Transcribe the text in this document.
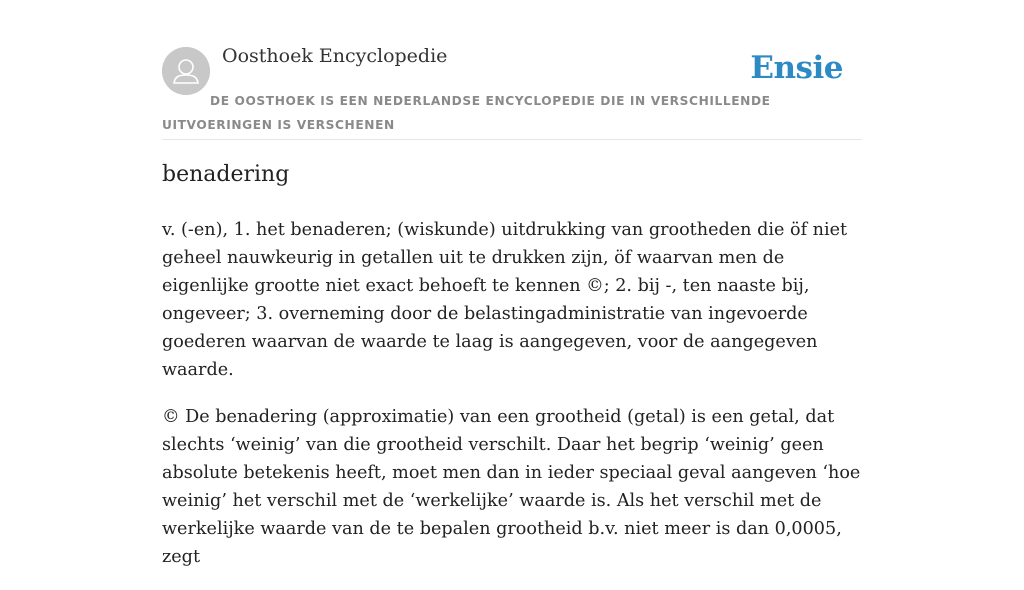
Oosthoek Encyclopedie	Ensie
DE OOSTHOEK IS EEN NEDERLANDSE ENCYCLOPEDIE DIE IN VERSCHILLENDE UITVOERINGEN IS VERSCHENEN
benadering

v. (-en), 1. het benaderen; (wiskunde) uitdrukking van grootheden die öf niet geheel nauwkeurig in getallen uit te drukken zijn, öf waarvan men de eigenlijke grootte niet exact behoeft te kennen ©; 2. bij -, ten naaste bij, ongeveer; 3. overneming door de belastingadministratie van ingevoerde goederen waarvan de waarde te laag is aangegeven, voor de aangegeven waarde.

© De benadering (approximatie) van een grootheid (getal) is een getal, dat slechts ‘weinig’ van die grootheid verschilt. Daar het begrip ‘weinig’ geen absolute betekenis heeft, moet men dan in ieder speciaal geval aangeven ‘hoe weinig’ het verschil met de ‘werkelijke’ waarde is. Als het verschil met de werkelijke waarde van de te bepalen grootheid b.v. niet meer is dan 0,0005, zegt
